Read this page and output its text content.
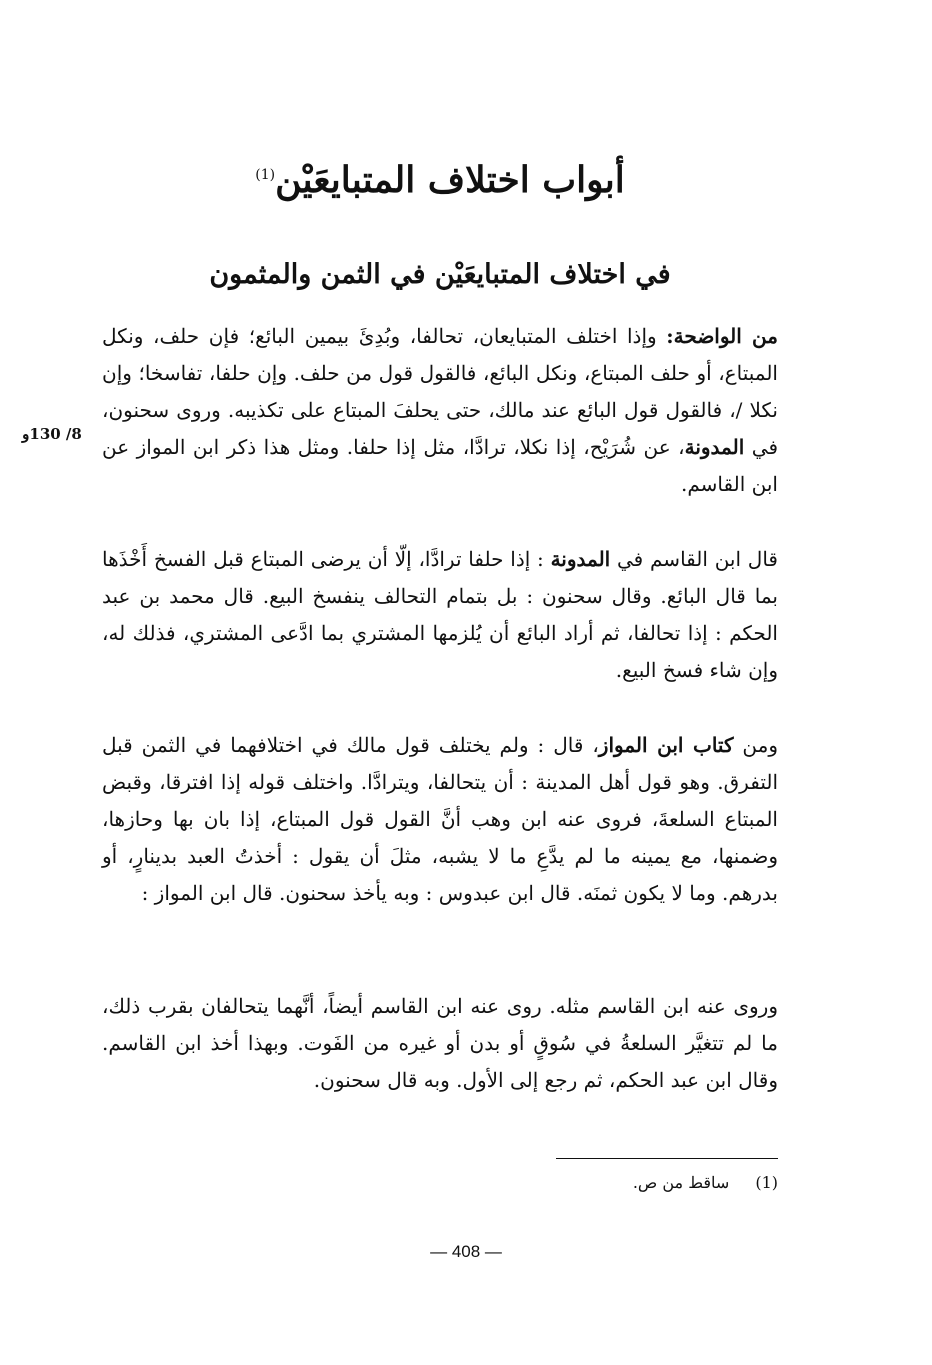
أبواب اختلاف المتبايعَيْن$^{(1)}$
في اختلاف المتبايعَيْن في الثمن والمثمون
8/ 130و

من الواضحة: وإذا اختلف المتبايعان، تحالفا، وبُدِئَ بيمين البائع؛ فإن حلف، ونكل المبتاع، أو حلف المبتاع، ونكل البائع، فالقول قول من حلف. وإن حلفا، تفاسخا؛ وإن نكلا /، فالقول قول البائع عند مالك، حتى يحلفَ المبتاع على تكذيبه. وروى سحنون، في المدونة، عن شُرَيْح، إذا نكلا، ترادَّا، مثل إذا حلفا. ومثل هذا ذكر ابن المواز عن ابن القاسم.

قال ابن القاسم في المدونة : إذا حلفا ترادَّا، إلّا أن يرضى المبتاع قبل الفسخ أَخْذَها بما قال البائع. وقال سحنون : بل بتمام التحالف ينفسخ البيع. قال محمد بن عبد الحكم : إذا تحالفا، ثم أراد البائع أن يُلزمها المشتري بما ادَّعى المشتري، فذلك له، وإن شاء فسخ البيع.

ومن كتاب ابن المواز، قال : ولم يختلف قول مالك في اختلافهما في الثمن قبل التفرق. وهو قول أهل المدينة : أن يتحالفا، ويترادَّا. واختلف قوله إذا افترقا، وقبض المبتاع السلعةَ، فروى عنه ابن وهب أنَّ القول قول المبتاع، إذا بان بها وحازها، وضمنها، مع يمينه ما لم يدَّعِ ما لا يشبه، مثلَ أن يقول : أخذتُ العبد بدينارٍ، أو بدرهم. وما لا يكون ثمنَه. قال ابن عبدوس : وبه يأخذ سحنون. قال ابن المواز :

وروى عنه ابن القاسم مثله. روى عنه ابن القاسم أيضاً، أنَّهما يتحالفان بقرب ذلك، ما لم تتغيَّر السلعةُ في سُوقٍ أو بدن أو غيره من الفَوت. وبهذا أخذ ابن القاسم. وقال ابن عبد الحكم، ثم رجع إلى الأول. وبه قال سحنون.

(1)ساقط من ص.
— 408 —
